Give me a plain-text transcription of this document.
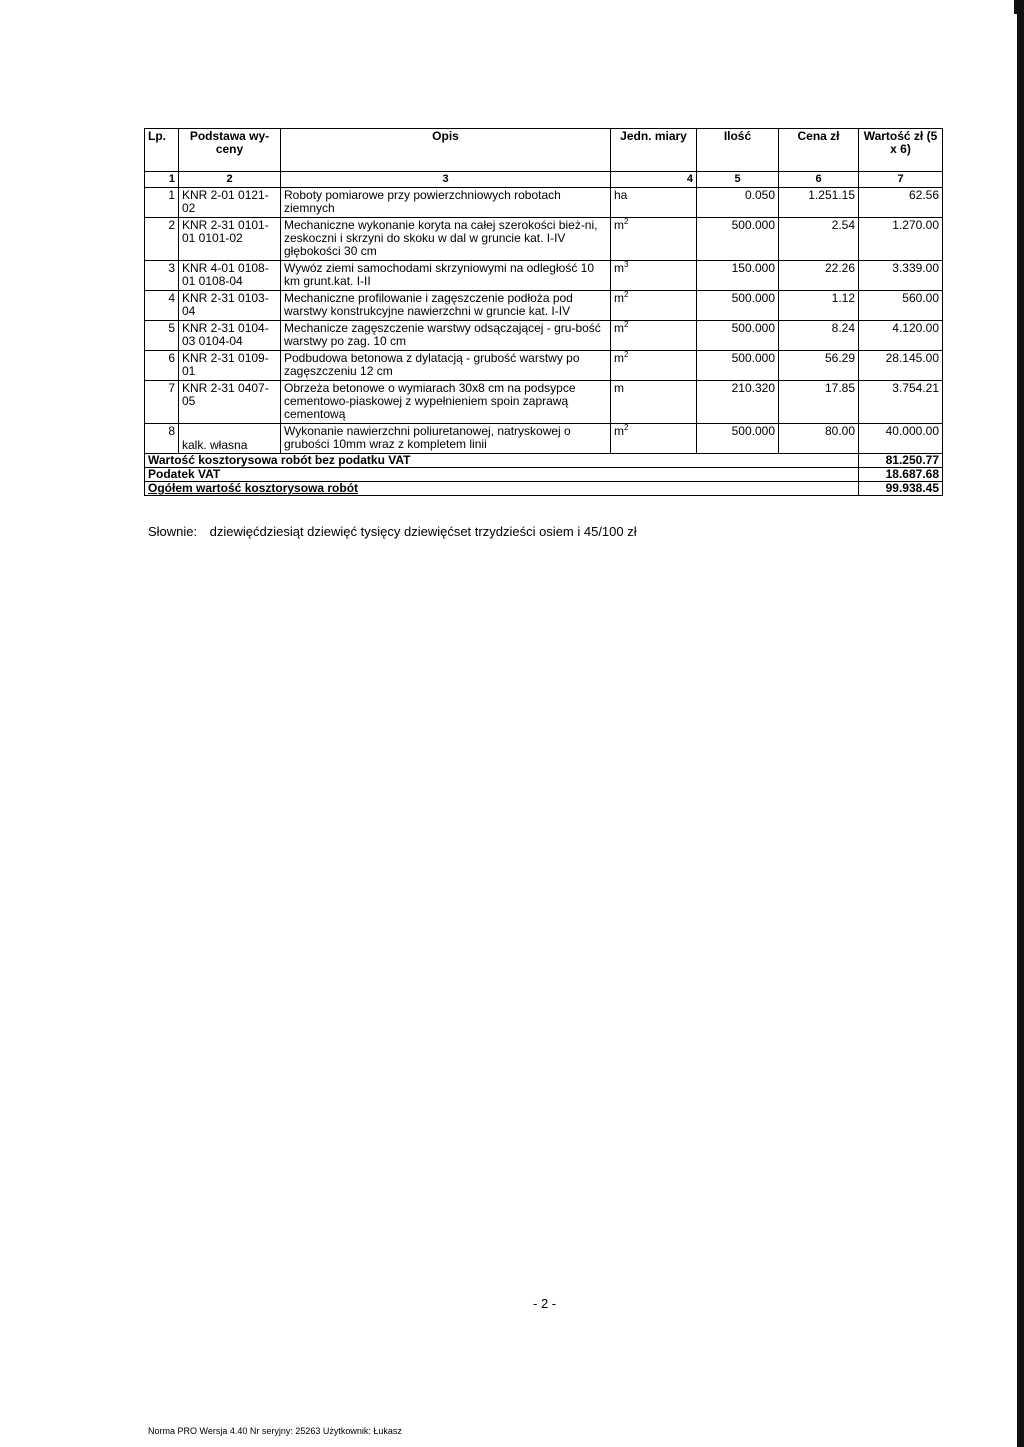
Lp.	Podstawa wy-ceny	Opis	Jedn. miary	Ilość	Cena zł	Wartość zł (5 x 6)
1	2	3	4	5	6	7
1	KNR 2-01 0121-02	Roboty pomiarowe przy powierzchniowych robotach ziemnych	ha	0.050	1.251.15	62.56
2	KNR 2-31 0101-01 0101-02	Mechaniczne wykonanie koryta na całej szerokości bież-ni, zeskoczni i skrzyni do skoku w dal w gruncie kat. I-IV głębokości 30 cm	$m^2$	500.000	2.54	1.270.00
3	KNR 4-01 0108-01 0108-04	Wywóz ziemi samochodami skrzyniowymi na odległość 10 km grunt.kat. I-II	$m^3$	150.000	22.26	3.339.00
4	KNR 2-31 0103-04	Mechaniczne profilowanie i zagęszczenie podłoża pod warstwy konstrukcyjne nawierzchni w gruncie kat. I-IV	$m^2$	500.000	1.12	560.00
5	KNR 2-31 0104-03 0104-04	Mechanicze zagęszczenie warstwy odsączającej - gru-bość warstwy po zag. 10 cm	$m^2$	500.000	8.24	4.120.00
6	KNR 2-31 0109-01	Podbudowa betonowa z dylatacją - grubość warstwy po zagęszczeniu 12 cm	$m^2$	500.000	56.29	28.145.00
7	KNR 2-31 0407-05	Obrzeża betonowe o wymiarach 30x8 cm na podsypce cementowo-piaskowej z wypełnieniem spoin zaprawą cementową	m	210.320	17.85	3.754.21
8	kalk. własna	Wykonanie nawierzchni poliuretanowej, natryskowej o grubości 10mm wraz z kompletem linii	$m^2$	500.000	80.00	40.000.00
Wartość kosztorysowa robót bez podatku VAT						81.250.77
Podatek VAT						18.687.68
Ogółem wartość kosztorysowa robót						99.938.45
Słownie: dziewięćdziesiąt dziewięć tysięcy dziewięćset trzydzieści osiem i 45/100 zł
- 2 -
Norma PRO Wersja 4.40 Nr seryjny: 25263 Użytkownik: Łukasz
